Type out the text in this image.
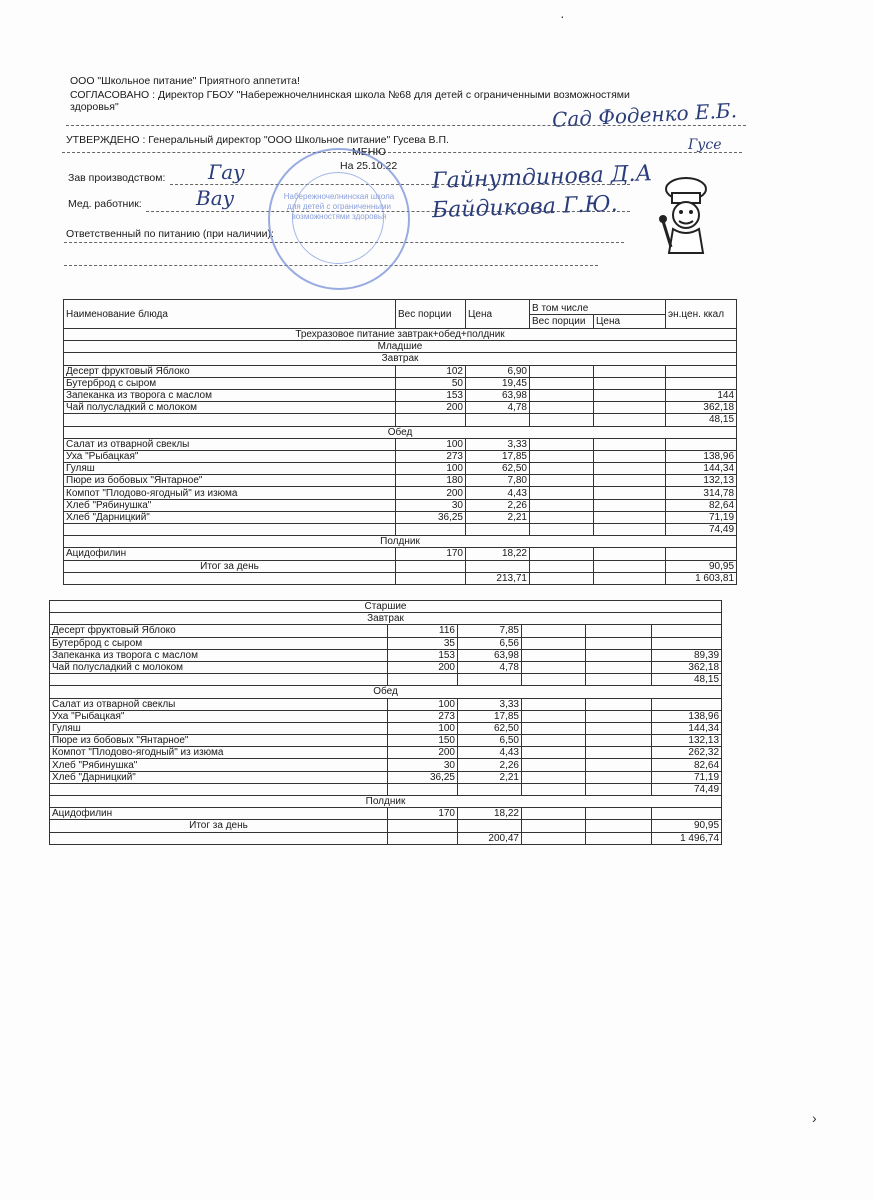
ООО "Школьное питание" Приятного аппетита!
СОГЛАСОВАНО : Директор ГБОУ "Набережночелнинская школа №68 для детей с ограниченными возможностями
здоровья"	Сад Фоденко Е.Б.
УТВЕРЖДЕНО : Генеральный директор "ООО Школьное питание" Гусева В.П.	Гусе
МЕНЮ
На 25.10.22
Зав производством: Гау	Гайнутдинова Д.А
Мед. работник:	Вау	Байдикова Г.Ю.
Ответственный по питанию (при наличии):
Набережночелнинская школа для детей с ограниченными возможностями здоровья
·
›
Наименование блюда	Вес порции	Цена	В том числе		эн.цен. ккал
			Вес порции	Цена	
Трехразовое питание завтрак+обед+полдник					
Младшие					
Завтрак					
Десерт фруктовый Яблоко	102	6,90			
Бутерброд с сыром	50	19,45			
Запеканка из творога с маслом	153	63,98			144
Чай полусладкий с молоком	200	4,78			362,18
					48,15
Обед					
Салат из отварной свеклы	100	3,33			
Уха "Рыбацкая"	273	17,85			138,96
Гуляш	100	62,50			144,34
Пюре из бобовых "Янтарное"	180	7,80			132,13
Компот "Плодово-ягодный" из изюма	200	4,43			314,78
Хлеб "Рябинушка"	30	2,26			82,64
Хлеб "Дарницкий"	36,25	2,21			71,19
					74,49
Полдник					
Ацидофилин	170	18,22			
Итог за день					90,95
		213,71			1 603,81
Старшие					
Завтрак					
Десерт фруктовый Яблоко	116	7,85			
Бутерброд с сыром	35	6,56			
Запеканка из творога с маслом	153	63,98			89,39
Чай полусладкий с молоком	200	4,78			362,18
					48,15
Обед					
Салат из отварной свеклы	100	3,33			
Уха "Рыбацкая"	273	17,85			138,96
Гуляш	100	62,50			144,34
Пюре из бобовых "Янтарное"	150	6,50			132,13
Компот "Плодово-ягодный" из изюма	200	4,43			262,32
Хлеб "Рябинушка"	30	2,26			82,64
Хлеб "Дарницкий"	36,25	2,21			71,19
					74,49
Полдник					
Ацидофилин	170	18,22			
Итог за день					90,95
		200,47			1 496,74
